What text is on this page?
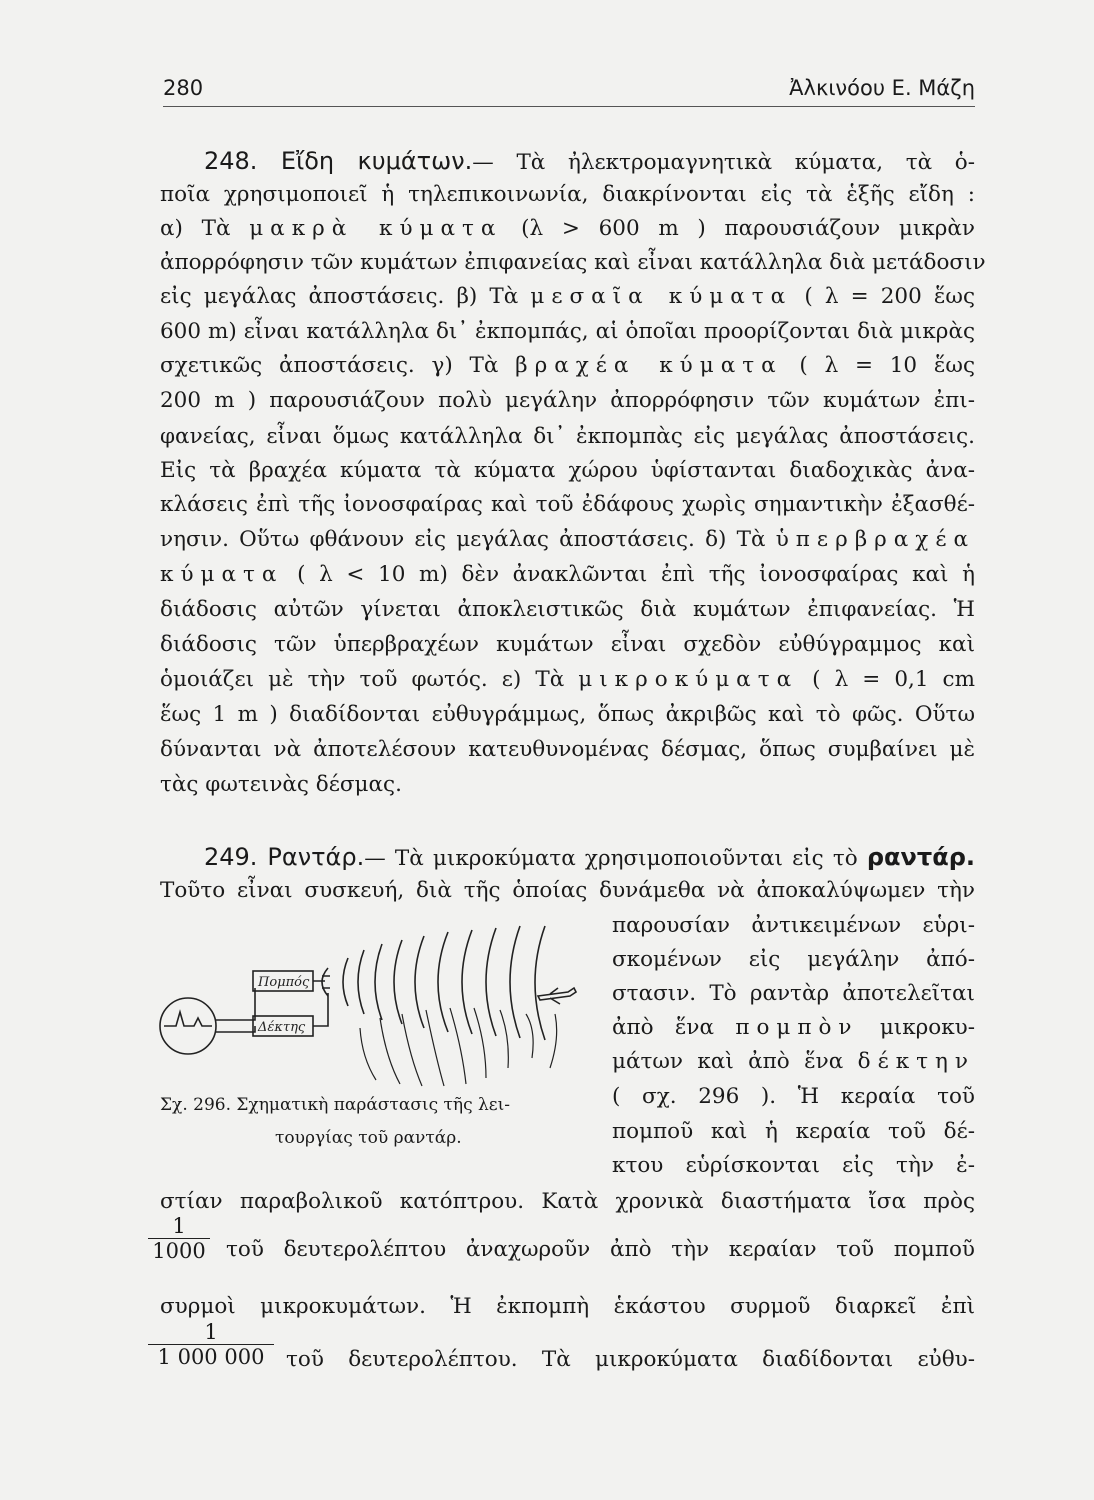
280	Ἀλκινόου Ε. Μάζη
248. Εἴδη κυμάτων.— Τὰ ἠλεκτρομαγνητικὰ κύματα, τὰ ὁ-
ποῖα χρησιμοποιεῖ ἡ τηλεπικοινωνία, διακρίνονται εἰς τὰ ἑξῆς εἴδη :
α) Τὰ μακρὰ κύματα (λ > 600 m ) παρουσιάζουν μικρὰν
ἀπορρόφησιν τῶν κυμάτων ἐπιφανείας καὶ εἶναι κατάλληλα διὰ μετάδοσιν
εἰς μεγάλας ἀποστάσεις. β) Τὰ μεσαῖα κύματα ( λ = 200 ἕως
600 m) εἶναι κατάλληλα δι᾽ ἐκπομπάς, αἱ ὁποῖαι προορίζονται διὰ μικρὰς
σχετικῶς ἀποστάσεις. γ) Τὰ βραχέα κύματα ( λ = 10 ἕως
200 m ) παρουσιάζουν πολὺ μεγάλην ἀπορρόφησιν τῶν κυμάτων ἐπι-
φανείας, εἶναι ὅμως κατάλληλα δι᾽ ἐκπομπὰς εἰς μεγάλας ἀποστάσεις.
Εἰς τὰ βραχέα κύματα τὰ κύματα χώρου ὑφίστανται διαδοχικὰς ἀνα-
κλάσεις ἐπὶ τῆς ἰονοσφαίρας καὶ τοῦ ἐδάφους χωρὶς σημαντικὴν ἐξασθέ-
νησιν. Οὕτω φθάνουν εἰς μεγάλας ἀποστάσεις. δ) Τὰ ὑπερβραχέα
κύματα ( λ < 10 m) δὲν ἀνακλῶνται ἐπὶ τῆς ἰονοσφαίρας καὶ ἡ
διάδοσις αὐτῶν γίνεται ἀποκλειστικῶς διὰ κυμάτων ἐπιφανείας. Ἡ
διάδοσις τῶν ὑπερβραχέων κυμάτων εἶναι σχεδὸν εὐθύγραμμος καὶ
ὁμοιάζει μὲ τὴν τοῦ φωτός. ε) Τὰ μικροκύματα ( λ = 0,1 cm
ἕως 1 m ) διαδίδονται εὐθυγράμμως, ὅπως ἀκριβῶς καὶ τὸ φῶς. Οὕτω
δύνανται νὰ ἀποτελέσουν κατευθυνομένας δέσμας, ὅπως συμβαίνει μὲ
τὰς φωτεινὰς δέσμας.
249. Ραντάρ.— Τὰ μικροκύματα χρησιμοποιοῦνται εἰς τὸ ραντάρ.
Τοῦτο εἶναι συσκευή, διὰ τῆς ὁποίας δυνάμεθα νὰ ἀποκαλύψωμεν τὴν
παρουσίαν ἀντικειμένων εὑρι-
σκομένων εἰς μεγάλην ἀπό-
στασιν. Τὸ ραντὰρ ἀποτελεῖται
ἀπὸ ἕνα πομπὸν μικροκυ-
μάτων καὶ ἀπὸ ἕνα δέκτην
( σχ. 296 ). Ἡ κεραία τοῦ
πομποῦ καὶ ἡ κεραία τοῦ δέ-
κτου εὑρίσκονται εἰς τὴν ἐ-
Πομπός
Δέκτης
Σχ. 296. Σχηματικὴ παράστασις τῆς λει-
τουργίας τοῦ ραντάρ.
στίαν παραβολικοῦ κατόπτρου. Κατὰ χρονικὰ διαστήματα ἴσα πρὸς
$\frac{1}{1000}$ τοῦ δευτερολέπτου ἀναχωροῦν ἀπὸ τὴν κεραίαν τοῦ πομποῦ
συρμοὶ μικροκυμάτων. Ἡ ἐκπομπὴ ἑκάστου συρμοῦ διαρκεῖ ἐπὶ
$\frac{1}{1 000 000}$ τοῦ δευτερολέπτου. Τὰ μικροκύματα διαδίδονται εὐθυ-
